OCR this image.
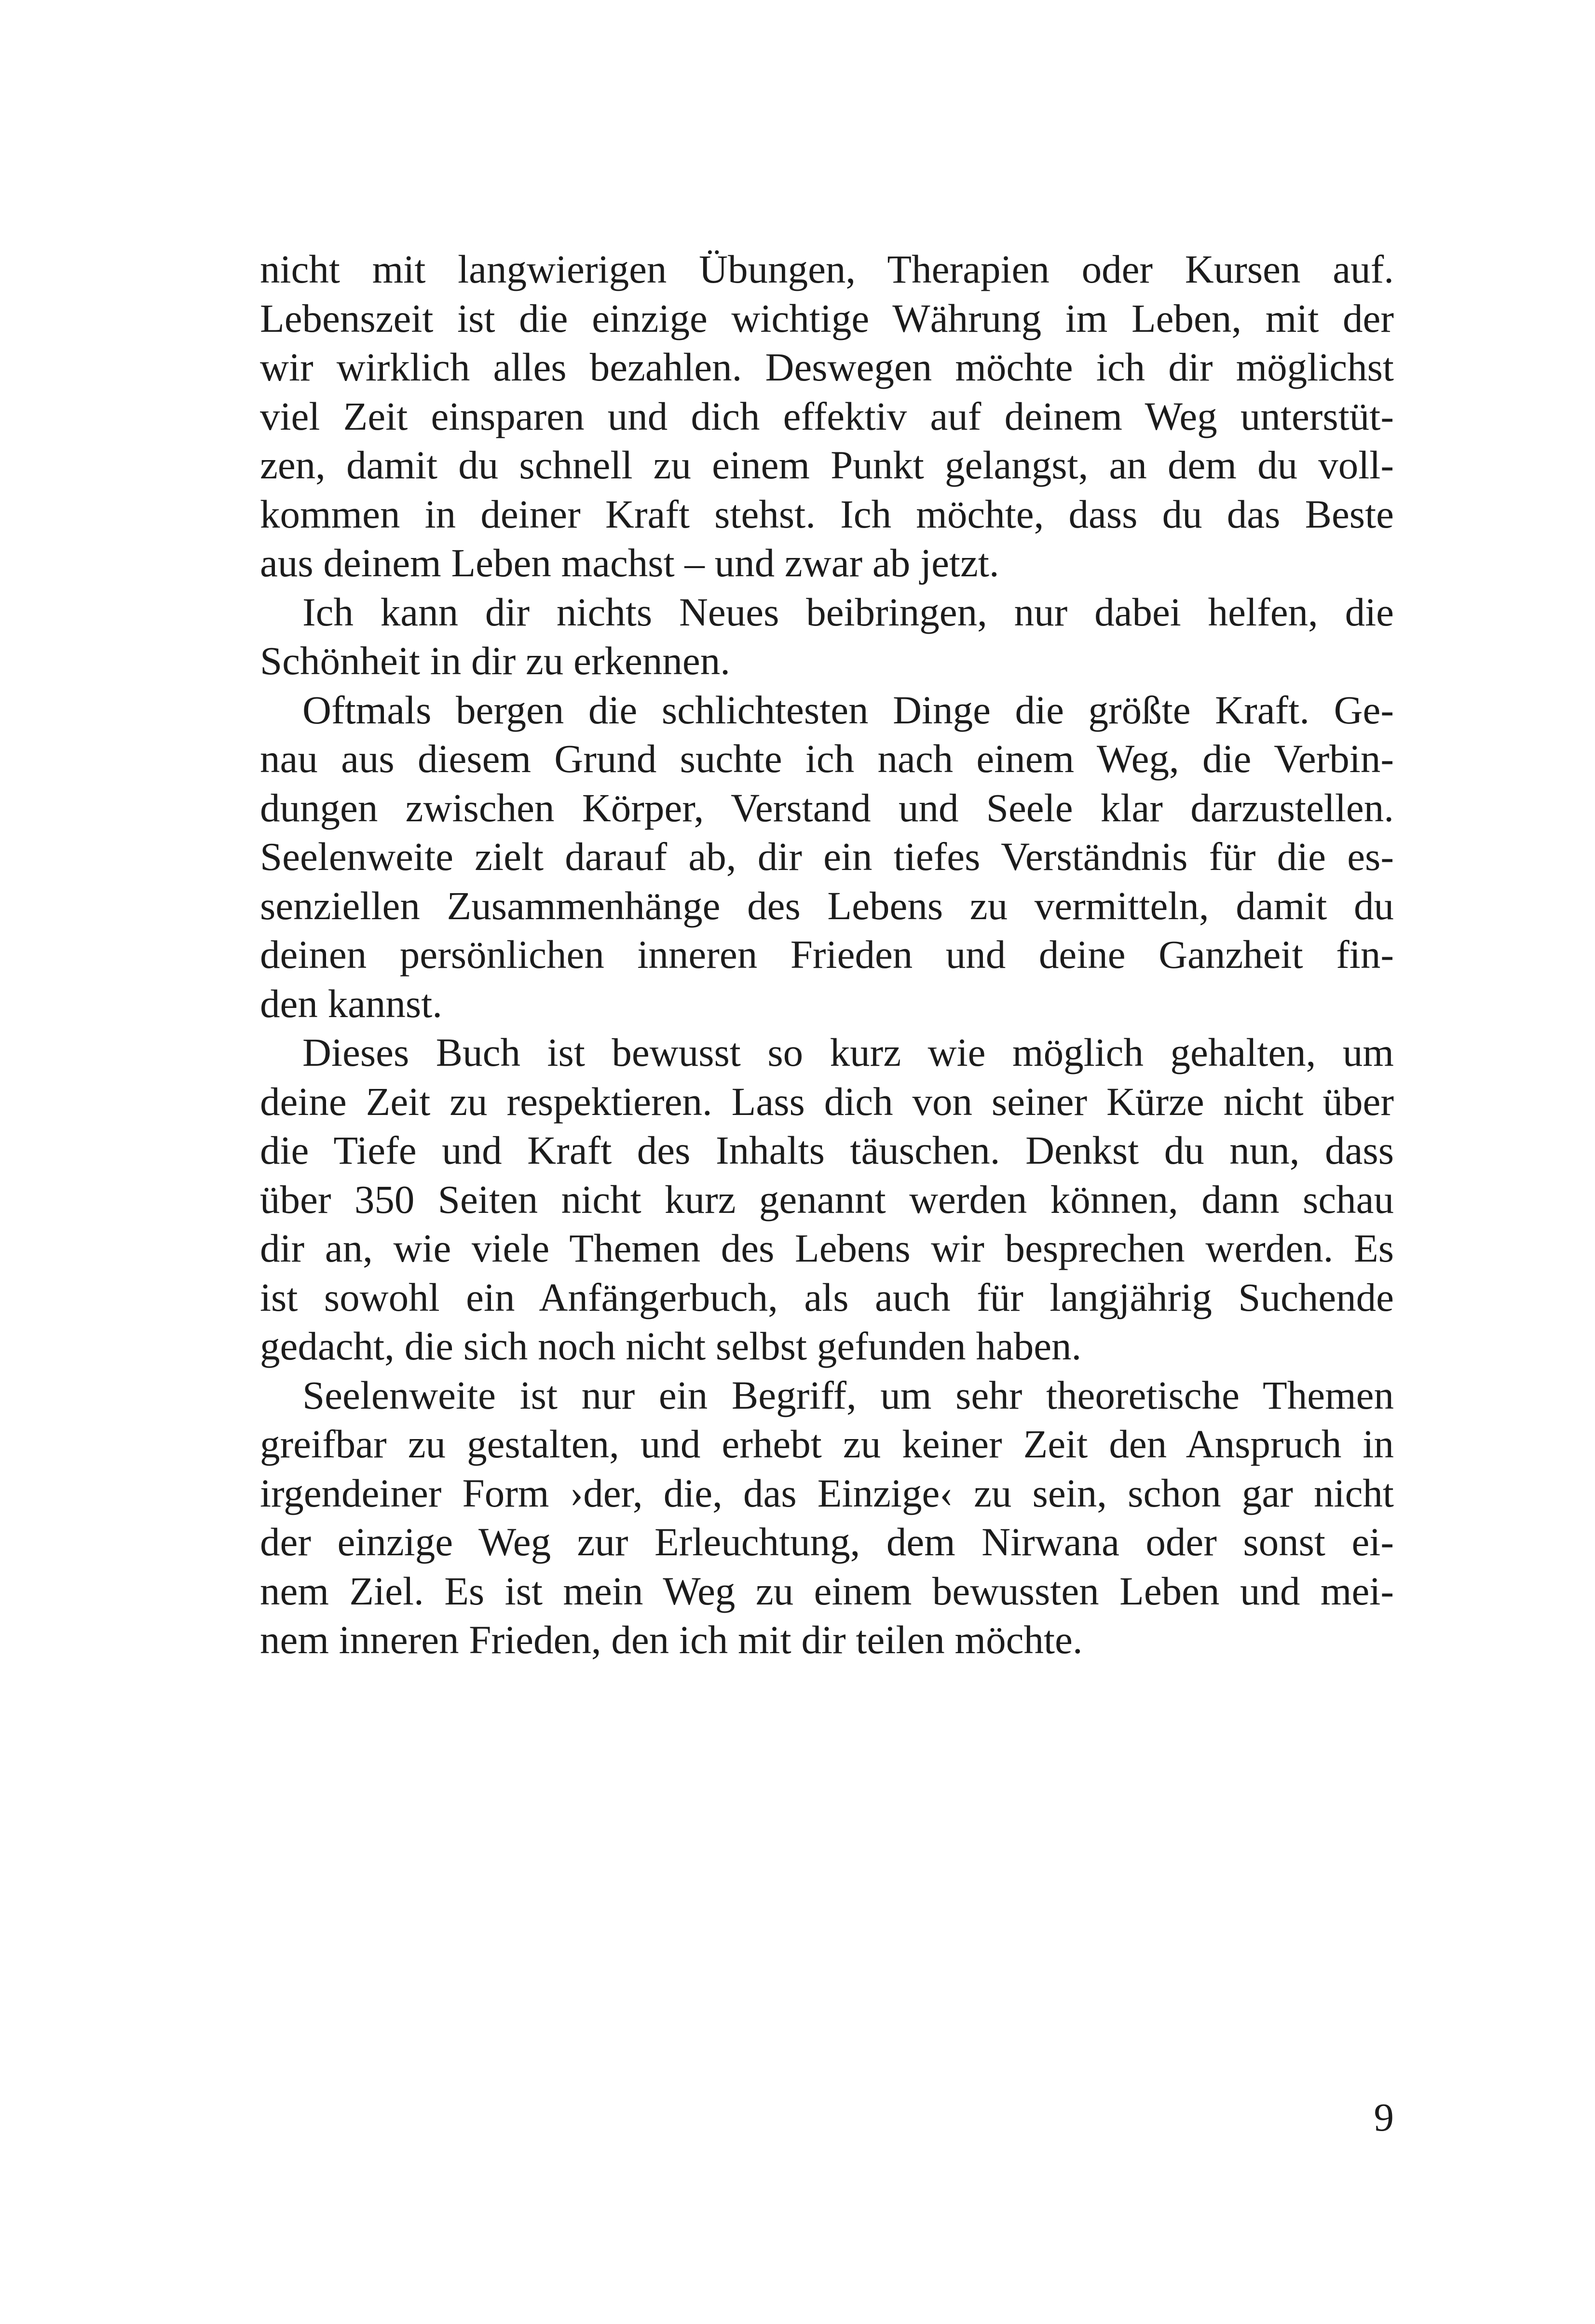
nicht mit langwierigen Übungen, Therapien oder Kursen auf.
Lebenszeit ist die einzige wichtige Währung im Leben, mit der
wir wirklich alles bezahlen. Deswegen möchte ich dir möglichst
viel Zeit einsparen und dich effektiv auf deinem Weg unterstüt-
zen, damit du schnell zu einem Punkt gelangst, an dem du voll-
kommen in deiner Kraft stehst. Ich möchte, dass du das Beste
aus deinem Leben machst – und zwar ab jetzt.
Ich kann dir nichts Neues beibringen, nur dabei helfen, die
Schönheit in dir zu erkennen.
Oftmals bergen die schlichtesten Dinge die größte Kraft. Ge-
nau aus diesem Grund suchte ich nach einem Weg, die Verbin-
dungen zwischen Körper, Verstand und Seele klar darzustellen.
Seelenweite zielt darauf ab, dir ein tiefes Verständnis für die es-
senziellen Zusammenhänge des Lebens zu vermitteln, damit du
deinen persönlichen inneren Frieden und deine Ganzheit fin-
den kannst.
Dieses Buch ist bewusst so kurz wie möglich gehalten, um
deine Zeit zu respektieren. Lass dich von seiner Kürze nicht über
die Tiefe und Kraft des Inhalts täuschen. Denkst du nun, dass
über 350 Seiten nicht kurz genannt werden können, dann schau
dir an, wie viele Themen des Lebens wir besprechen werden. Es
ist sowohl ein Anfängerbuch, als auch für langjährig Suchende
gedacht, die sich noch nicht selbst gefunden haben.
Seelenweite ist nur ein Begriff, um sehr theoretische Themen
greifbar zu gestalten, und erhebt zu keiner Zeit den Anspruch in
irgendeiner Form ›der, die, das Einzige‹ zu sein, schon gar nicht
der einzige Weg zur Erleuchtung, dem Nirwana oder sonst ei-
nem Ziel. Es ist mein Weg zu einem bewussten Leben und mei-
nem inneren Frieden, den ich mit dir teilen möchte.
9
